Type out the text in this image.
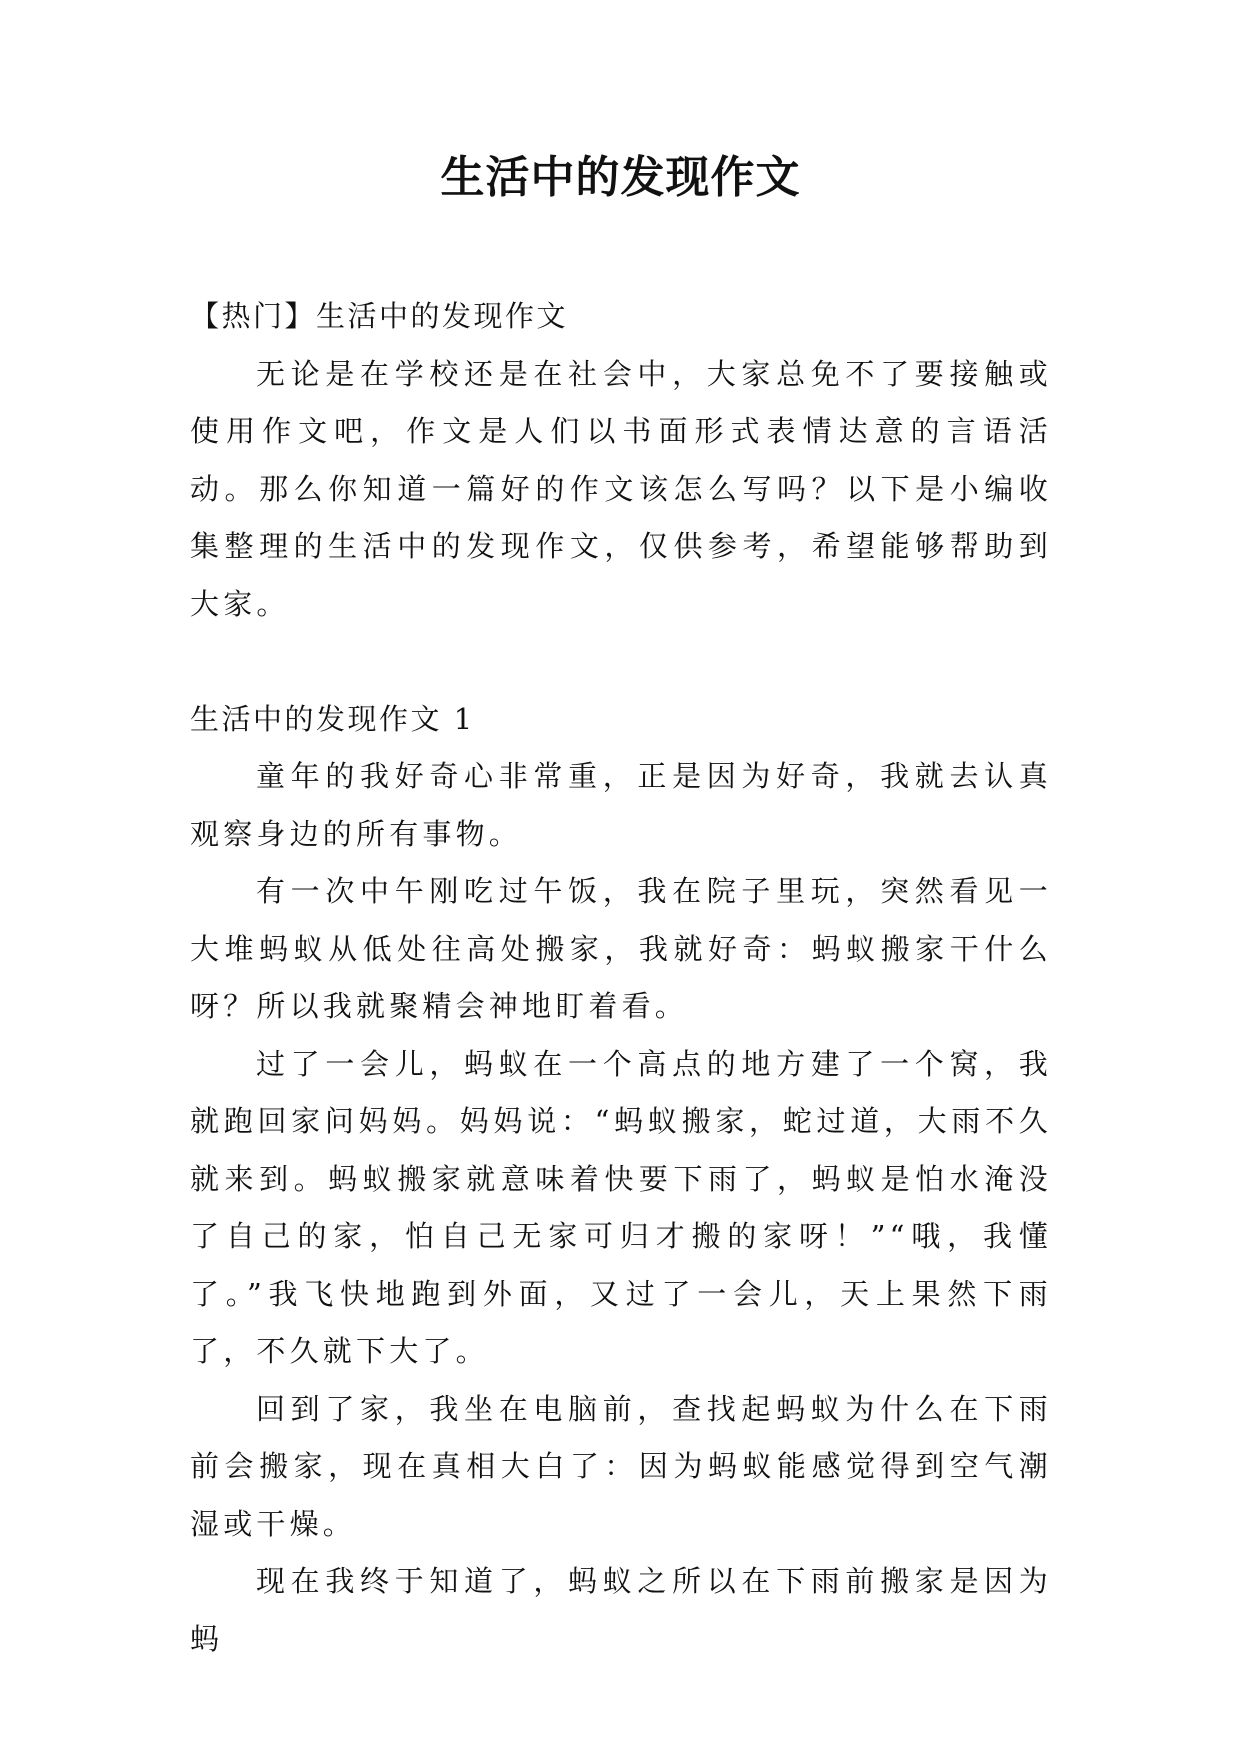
生活中的发现作文

【热门】生活中的发现作文

无论是在学校还是在社会中，大家总免不了要接触或使用作文吧，作文是人们以书面形式表情达意的言语活动。那么你知道一篇好的作文该怎么写吗？以下是小编收集整理的生活中的发现作文，仅供参考，希望能够帮助到大家。

生活中的发现作文 1

童年的我好奇心非常重，正是因为好奇，我就去认真观察身边的所有事物。

有一次中午刚吃过午饭，我在院子里玩，突然看见一大堆蚂蚁从低处往高处搬家，我就好奇：蚂蚁搬家干什么呀？所以我就聚精会神地盯着看。

过了一会儿，蚂蚁在一个高点的地方建了一个窝，我就跑回家问妈妈。妈妈说：“蚂蚁搬家，蛇过道，大雨不久就来到。蚂蚁搬家就意味着快要下雨了，蚂蚁是怕水淹没了自己的家，怕自己无家可归才搬的家呀！”“哦，我懂了。”我飞快地跑到外面，又过了一会儿，天上果然下雨了，不久就下大了。

回到了家，我坐在电脑前，查找起蚂蚁为什么在下雨前会搬家，现在真相大白了：因为蚂蚁能感觉得到空气潮湿或干燥。

现在我终于知道了，蚂蚁之所以在下雨前搬家是因为蚂
